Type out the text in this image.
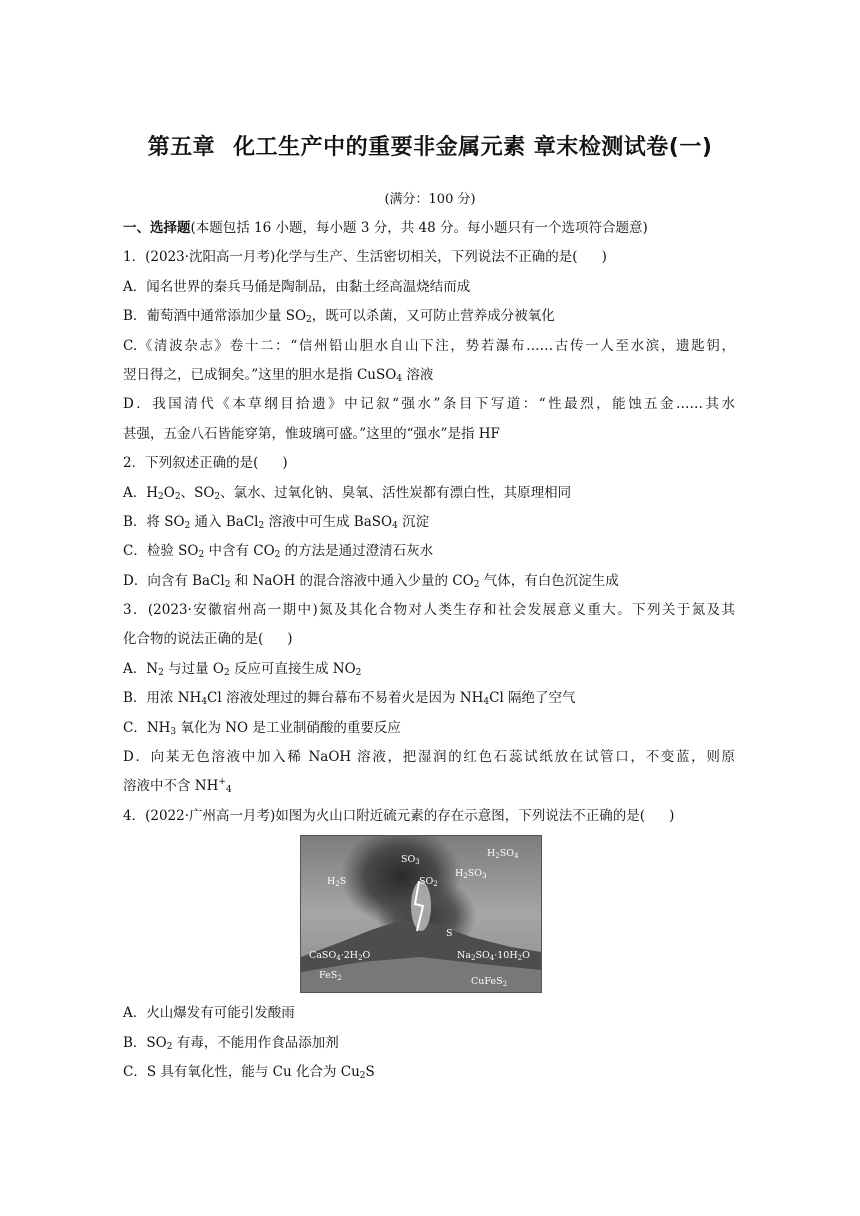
第五章 化工生产中的重要非金属元素 章末检测试卷(一)
(满分：100 分)
一、选择题(本题包括 16 小题，每小题 3 分，共 48 分。每小题只有一个选项符合题意)
1．(2023·沈阳高一月考)化学与生产、生活密切相关，下列说法不正确的是( )
A．闻名世界的秦兵马俑是陶制品，由黏土经高温烧结而成
B．葡萄酒中通常添加少量 $SO_2$，既可以杀菌，又可防止营养成分被氧化
C.《清波杂志》卷十二：“信州铅山胆水自山下注，势若瀑布……古传一人至水滨，遗匙钥，
翌日得之，已成铜矣。”这里的胆水是指 CuSO$_4$ 溶液
D．我国清代《本草纲目拾遗》中记叙“强水”条目下写道：“性最烈，能蚀五金……其水
甚强，五金八石皆能穿第，惟玻璃可盛。”这里的“强水”是指 HF
2．下列叙述正确的是( )
A．$H_2O_2$、$SO_2$、氯水、过氧化钠、臭氧、活性炭都有漂白性，其原理相同
B．将 $SO_2$ 通入 BaCl$_2$ 溶液中可生成 BaSO$_4$ 沉淀
C．检验 $SO_2$ 中含有 $CO_2$ 的方法是通过澄清石灰水
D．向含有 BaCl$_2$ 和 NaOH 的混合溶液中通入少量的 $CO_2$ 气体，有白色沉淀生成
3．(2023·安徽宿州高一期中)氮及其化合物对人类生存和社会发展意义重大。下列关于氮及其
化合物的说法正确的是( )
A．$N_2$ 与过量 $O_2$ 反应可直接生成 $NO_2$
B．用浓 $NH_4Cl$ 溶液处理过的舞台幕布不易着火是因为 $NH_4Cl$ 隔绝了空气
C．$NH_3$ 氧化为 NO 是工业制硝酸的重要反应
D．向某无色溶液中加入稀 NaOH 溶液，把湿润的红色石蕊试纸放在试管口，不变蓝，则原
溶液中不含 $NH^+_4$
4．(2022·广州高一月考)如图为火山口附近硫元素的存在示意图，下列说法不正确的是( )
$SO_3$
$SO_2$
$H_2SO_4$
$H_2SO_3$
$H_2S$
S
$CaSO_4\cdot 2H_2O$	$Na_2SO_4\cdot 10H_2O$
FeS$_2$	CuFeS$_2$
A．火山爆发有可能引发酸雨
B．$SO_2$ 有毒，不能用作食品添加剂
C．S 具有氧化性，能与 Cu 化合为 $Cu_2S$
